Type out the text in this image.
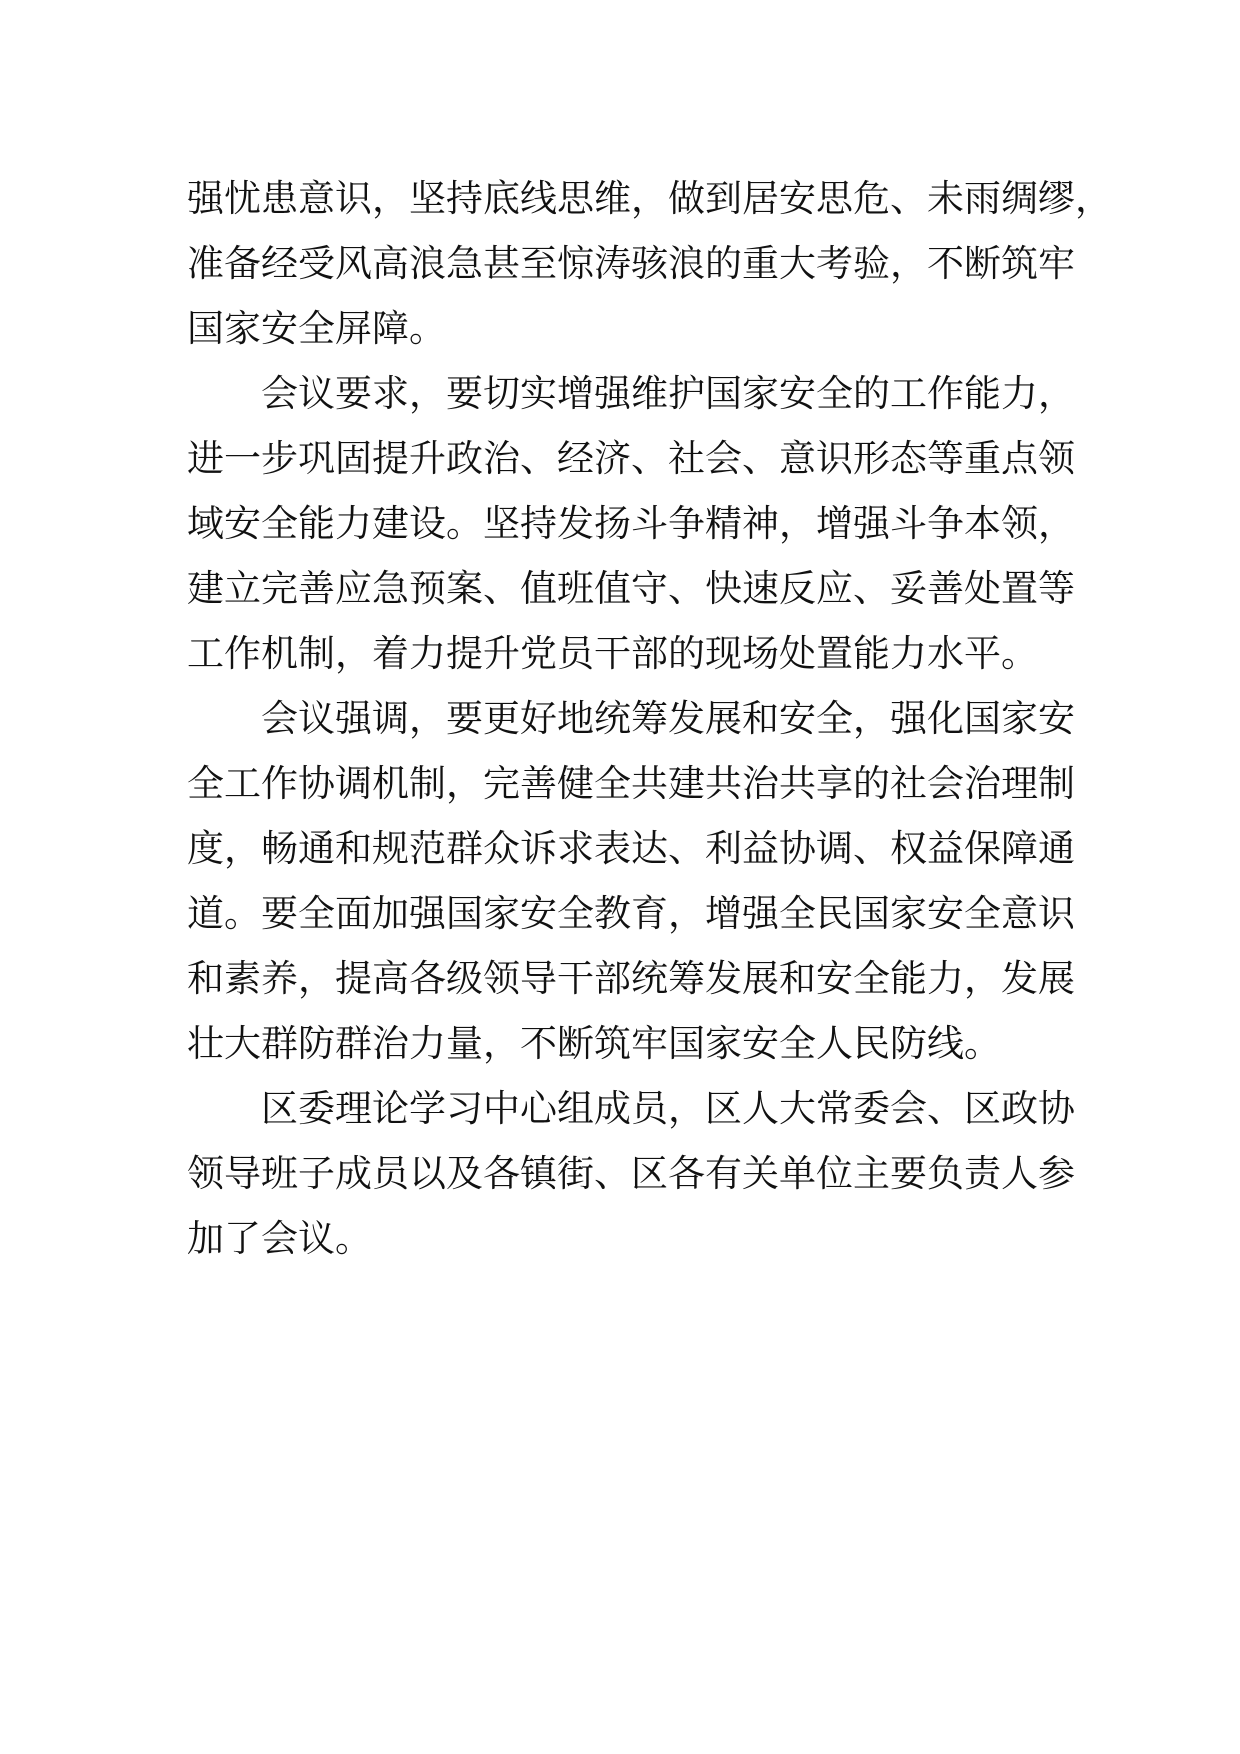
强忧患意识，坚持底线思维，做到居安思危、未雨绸缪，
准备经受风高浪急甚至惊涛骇浪的重大考验，不断筑牢
国家安全屏障。
会议要求，要切实增强维护国家安全的工作能力，
进一步巩固提升政治、经济、社会、意识形态等重点领
域安全能力建设。坚持发扬斗争精神，增强斗争本领，
建立完善应急预案、值班值守、快速反应、妥善处置等
工作机制，着力提升党员干部的现场处置能力水平。
会议强调，要更好地统筹发展和安全，强化国家安
全工作协调机制，完善健全共建共治共享的社会治理制
度，畅通和规范群众诉求表达、利益协调、权益保障通
道。要全面加强国家安全教育，增强全民国家安全意识
和素养，提高各级领导干部统筹发展和安全能力，发展
壮大群防群治力量，不断筑牢国家安全人民防线。
区委理论学习中心组成员，区人大常委会、区政协
领导班子成员以及各镇街、区各有关单位主要负责人参
加了会议。
